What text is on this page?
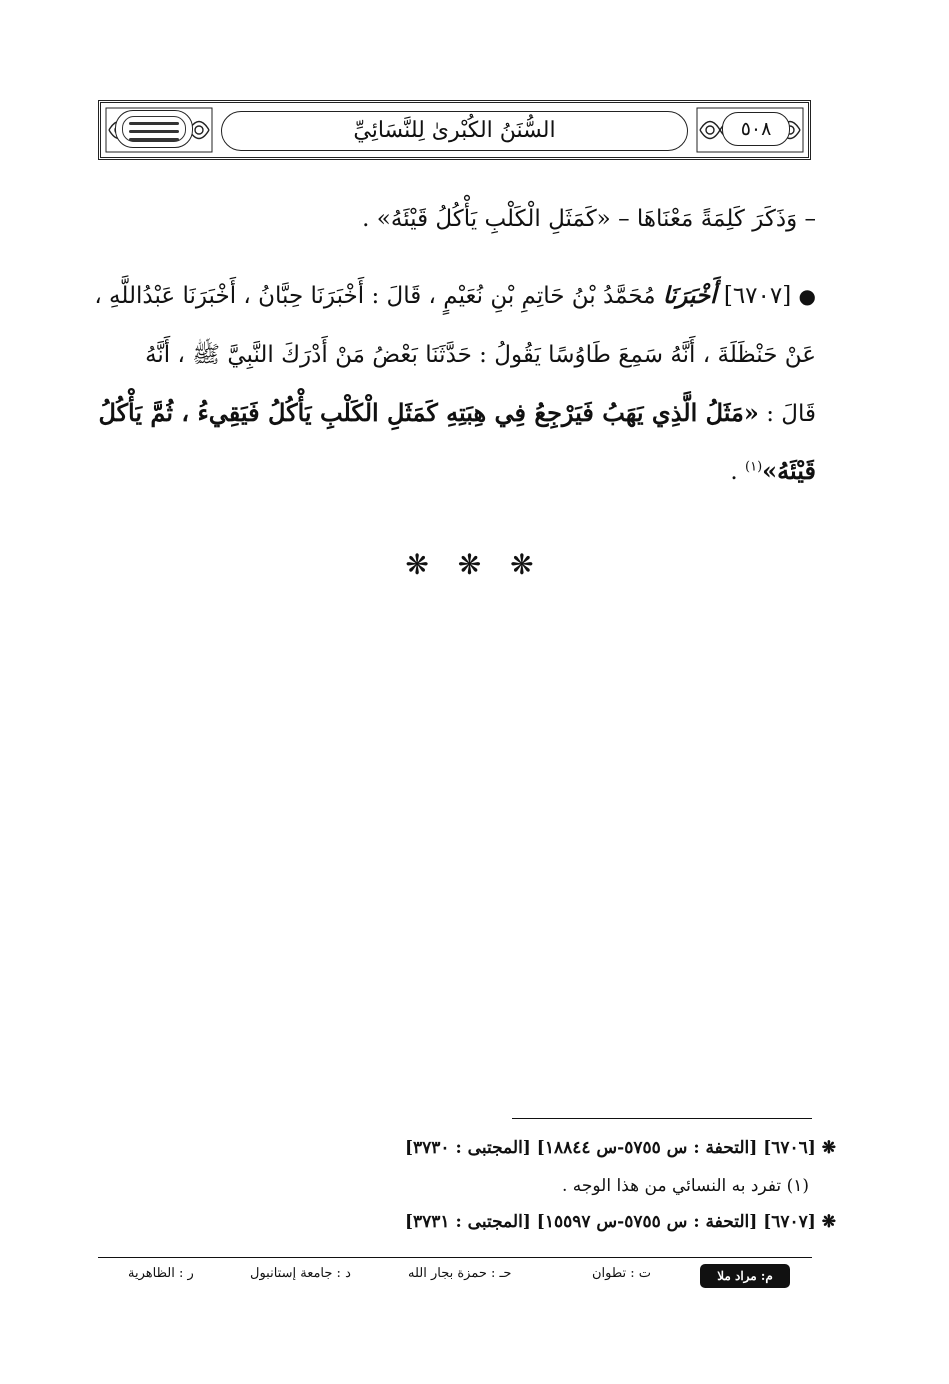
السُّنَنُ الكُبْرىٰ لِلنَّسَائِيِّ	٥٠٨
– وَذَكَرَ كَلِمَةً مَعْنَاهَا – «كَمَثَلِ الْكَلْبِ يَأْكُلُ قَيْئَهُ» .
● [٦٧٠٧] أَخْبَرَنَا مُحَمَّدُ بْنُ حَاتِمِ بْنِ نُعَيْمٍ ، قَالَ : أَخْبَرَنَا حِبَّانُ ، أَخْبَرَنَا عَبْدُاللَّهِ ،
عَنْ حَنْظَلَةَ ، أَنَّهُ سَمِعَ طَاوُسًا يَقُولُ : حَدَّثَنَا بَعْضُ مَنْ أَدْرَكَ النَّبِيَّ ﷺ ، أَنَّهُ
قَالَ : «مَثَلُ الَّذِي يَهَبُ فَيَرْجِعُ فِي هِبَتِهِ كَمَثَلِ الْكَلْبِ يَأْكُلُ فَيَقِيءُ ، ثُمَّ يَأْكُلُ
قَيْئَهُ»$^{(١)}$ .
❋ ❋ ❋
❋ [٦٧٠٦] [التحفة : س ٥٧٥٥-س ١٨٨٤٤] [المجتبى : ٣٧٣٠]
(١) تفرد به النسائي من هذا الوجه .
❋ [٦٧٠٧] [التحفة : س ٥٧٥٥-س ١٥٥٩٧] [المجتبى : ٣٧٣١]
م: مراد ملا
ت : تطوان
حـ : حمزة بجار الله
د : جامعة إستانبول
ر : الظاهرية
